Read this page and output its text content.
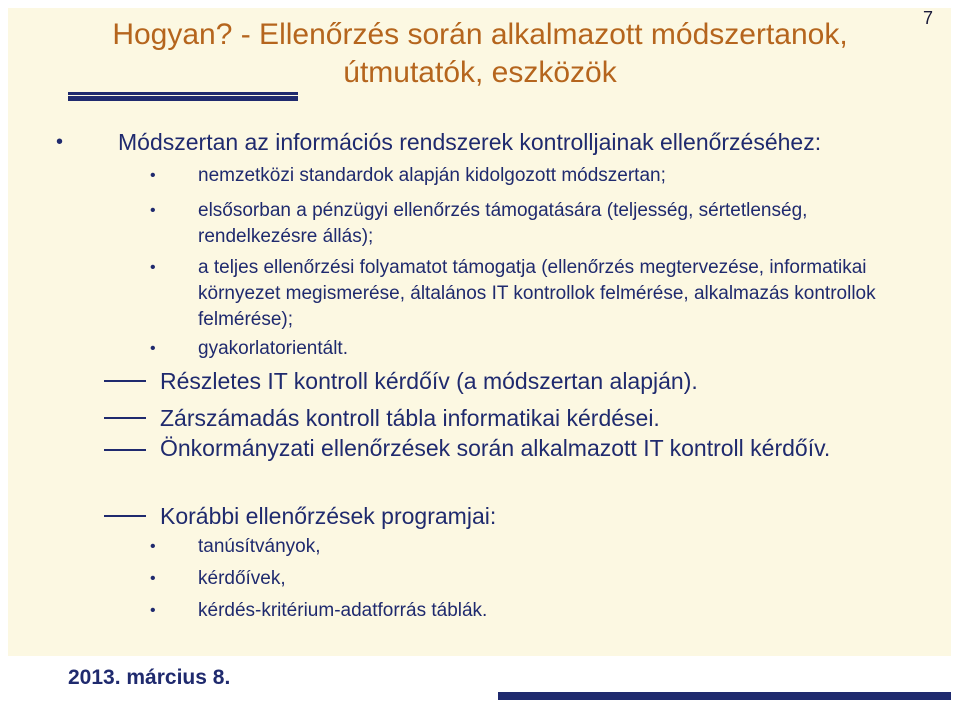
7
Hogyan? - Ellenőrzés során alkalmazott módszertanok, útmutatók, eszközök
• Módszertan az információs rendszerek kontrolljainak ellenőrzéséhez:
• nemzetközi standardok alapján kidolgozott módszertan;
• elsősorban a pénzügyi ellenőrzés támogatására (teljesség, sértetlenség, rendelkezésre állás);
• a teljes ellenőrzési folyamatot támogatja (ellenőrzés megtervezése, informatikai környezet megismerése, általános IT kontrollok felmérése, alkalmazás kontrollok felmérése);
• gyakorlatorientált.
Részletes IT kontroll kérdőív (a módszertan alapján).
Zárszámadás kontroll tábla informatikai kérdései.
Önkormányzati ellenőrzések során alkalmazott IT kontroll kérdőív.
Korábbi ellenőrzések programjai:
• tanúsítványok,
• kérdőívek,
• kérdés-kritérium-adatforrás táblák.
2013. március 8.
